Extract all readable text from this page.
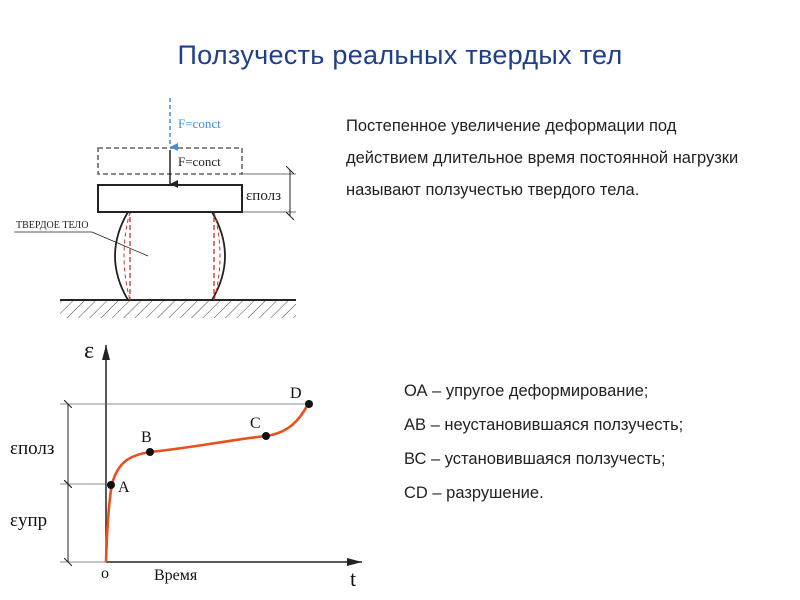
Ползучесть реальных твердых тел
Постепенное увеличение деформации под действием длительное время постоянной нагрузки называют ползучестью твердого тела.
F=conct
F=conct
εполз
ТВЕРДОЕ ТЕЛО
A
B
C
D
ε
t
Время
o
εполз
εупр
ОА – упругое деформирование;
АВ – неустановившаяся ползучесть;
ВС – установившаяся ползучесть;
CD – разрушение.
